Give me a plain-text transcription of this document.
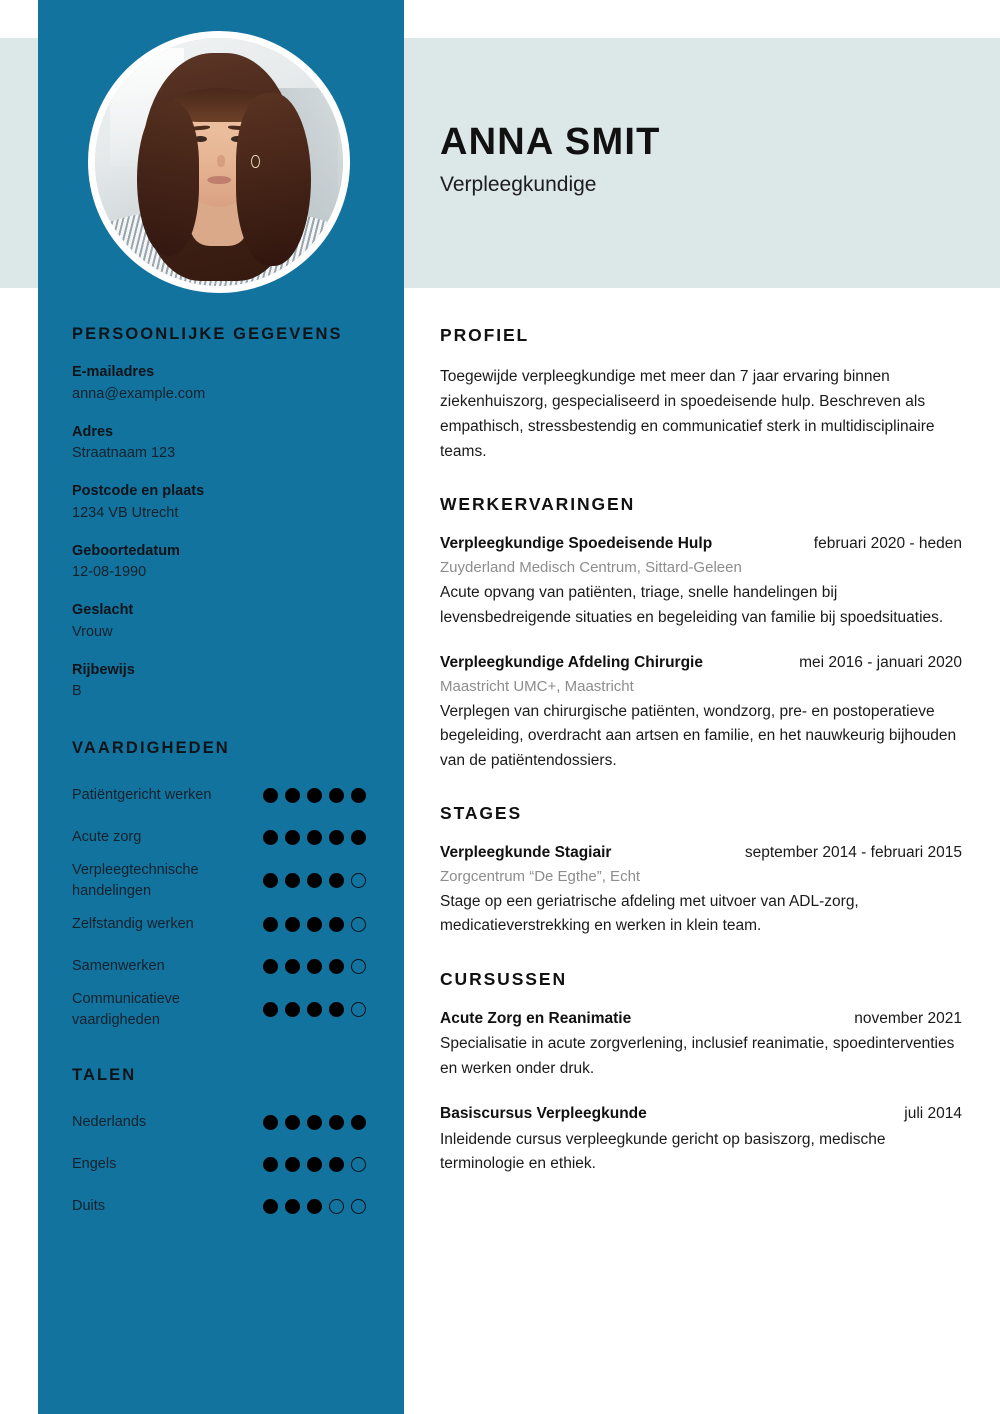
ANNA SMIT

Verpleegkundige

PERSOONLIJKE GEGEVENS
E-mailadres
anna@example.com
Adres
Straatnaam 123
Postcode en plaats
1234 VB Utrecht
Geboortedatum
12-08-1990
Geslacht
Vrouw
Rijbewijs
B
VAARDIGHEDEN
Patiëntgericht werken
Acute zorg
Verpleegtechnische handelingen
Zelfstandig werken
Samenwerken
Communicatieve vaardigheden
TALEN
Nederlands
Engels
Duits
PROFIEL

Toegewijde verpleegkundige met meer dan 7 jaar ervaring binnen ziekenhuiszorg, gespecialiseerd in spoedeisende hulp. Beschreven als empathisch, stressbestendig en communicatief sterk in multidisciplinaire teams.

WERKERVARINGEN
Verpleegkundige Spoedeisende Hulp	februari 2020 - heden
Zuyderland Medisch Centrum, Sittard-Geleen
Acute opvang van patiënten, triage, snelle handelingen bij levensbedreigende situaties en begeleiding van familie bij spoedsituaties.
Verpleegkundige Afdeling Chirurgie	mei 2016 - januari 2020
Maastricht UMC+, Maastricht
Verplegen van chirurgische patiënten, wondzorg, pre- en postoperatieve begeleiding, overdracht aan artsen en familie, en het nauwkeurig bijhouden van de patiëntendossiers.
STAGES
Verpleegkunde Stagiair	september 2014 - februari 2015
Zorgcentrum “De Egthe”, Echt
Stage op een geriatrische afdeling met uitvoer van ADL-zorg, medicatieverstrekking en werken in klein team.
CURSUSSEN
Acute Zorg en Reanimatie	november 2021
Specialisatie in acute zorgverlening, inclusief reanimatie, spoedinterventies en werken onder druk.
Basiscursus Verpleegkunde	juli 2014
Inleidende cursus verpleegkunde gericht op basiszorg, medische terminologie en ethiek.
